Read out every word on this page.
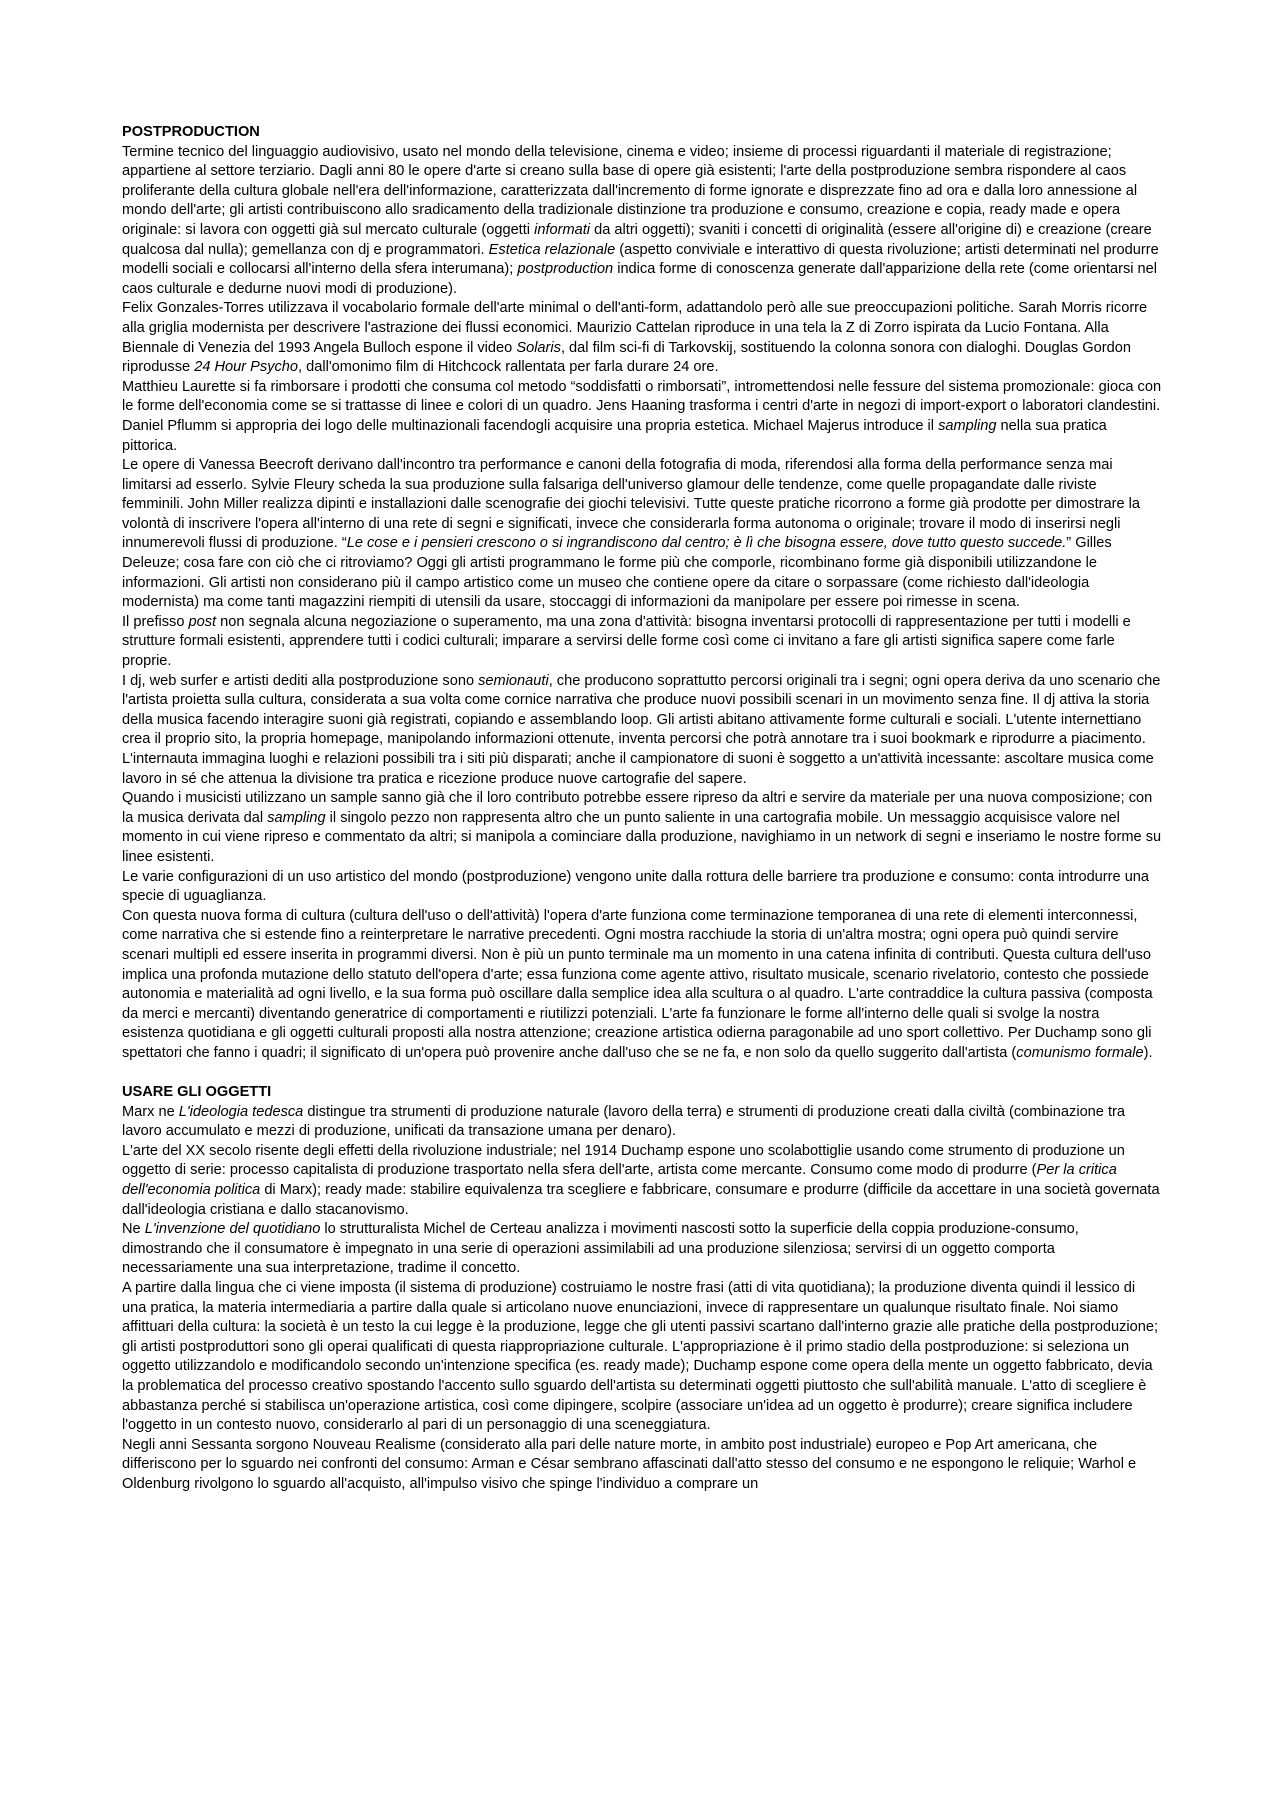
POSTPRODUCTION

Termine tecnico del linguaggio audiovisivo, usato nel mondo della televisione, cinema e video; insieme di processi riguardanti il materiale di registrazione; appartiene al settore terziario. Dagli anni 80 le opere d'arte si creano sulla base di opere già esistenti; l'arte della postproduzione sembra rispondere al caos proliferante della cultura globale nell'era dell'informazione, caratterizzata dall'incremento di forme ignorate e disprezzate fino ad ora e dalla loro annessione al mondo dell'arte; gli artisti contribuiscono allo sradicamento della tradizionale distinzione tra produzione e consumo, creazione e copia, ready made e opera originale: si lavora con oggetti già sul mercato culturale (oggetti informati da altri oggetti); svaniti i concetti di originalità (essere all'origine di) e creazione (creare qualcosa dal nulla); gemellanza con dj e programmatori. Estetica relazionale (aspetto conviviale e interattivo di questa rivoluzione; artisti determinati nel produrre modelli sociali e collocarsi all'interno della sfera interumana); postproduction indica forme di conoscenza generate dall'apparizione della rete (come orientarsi nel caos culturale e dedurne nuovi modi di produzione).

Felix Gonzales-Torres utilizzava il vocabolario formale dell'arte minimal o dell'anti-form, adattandolo però alle sue preoccupazioni politiche. Sarah Morris ricorre alla griglia modernista per descrivere l'astrazione dei flussi economici. Maurizio Cattelan riproduce in una tela la Z di Zorro ispirata da Lucio Fontana. Alla Biennale di Venezia del 1993 Angela Bulloch espone il video Solaris, dal film sci-fi di Tarkovskij, sostituendo la colonna sonora con dialoghi. Douglas Gordon riprodusse 24 Hour Psycho, dall'omonimo film di Hitchcock rallentata per farla durare 24 ore.

Matthieu Laurette si fa rimborsare i prodotti che consuma col metodo “soddisfatti o rimborsati”, intromettendosi nelle fessure del sistema promozionale: gioca con le forme dell'economia come se si trattasse di linee e colori di un quadro. Jens Haaning trasforma i centri d'arte in negozi di import-export o laboratori clandestini. Daniel Pflumm si appropria dei logo delle multinazionali facendogli acquisire una propria estetica. Michael Majerus introduce il sampling nella sua pratica pittorica.

Le opere di Vanessa Beecroft derivano dall'incontro tra performance e canoni della fotografia di moda, riferendosi alla forma della performance senza mai limitarsi ad esserlo. Sylvie Fleury scheda la sua produzione sulla falsariga dell'universo glamour delle tendenze, come quelle propagandate dalle riviste femminili. John Miller realizza dipinti e installazioni dalle scenografie dei giochi televisivi. Tutte queste pratiche ricorrono a forme già prodotte per dimostrare la volontà di inscrivere l'opera all'interno di una rete di segni e significati, invece che considerarla forma autonoma o originale; trovare il modo di inserirsi negli innumerevoli flussi di produzione. “Le cose e i pensieri crescono o si ingrandiscono dal centro; è lì che bisogna essere, dove tutto questo succede.” Gilles Deleuze; cosa fare con ciò che ci ritroviamo? Oggi gli artisti programmano le forme più che comporle, ricombinano forme già disponibili utilizzandone le informazioni. Gli artisti non considerano più il campo artistico come un museo che contiene opere da citare o sorpassare (come richiesto dall'ideologia modernista) ma come tanti magazzini riempiti di utensili da usare, stoccaggi di informazioni da manipolare per essere poi rimesse in scena.

Il prefisso post non segnala alcuna negoziazione o superamento, ma una zona d'attività: bisogna inventarsi protocolli di rappresentazione per tutti i modelli e strutture formali esistenti, apprendere tutti i codici culturali; imparare a servirsi delle forme così come ci invitano a fare gli artisti significa sapere come farle proprie.

I dj, web surfer e artisti dediti alla postproduzione sono semionauti, che producono soprattutto percorsi originali tra i segni; ogni opera deriva da uno scenario che l'artista proietta sulla cultura, considerata a sua volta come cornice narrativa che produce nuovi possibili scenari in un movimento senza fine. Il dj attiva la storia della musica facendo interagire suoni già registrati, copiando e assemblando loop. Gli artisti abitano attivamente forme culturali e sociali. L'utente internettiano crea il proprio sito, la propria homepage, manipolando informazioni ottenute, inventa percorsi che potrà annotare tra i suoi bookmark e riprodurre a piacimento. L'internauta immagina luoghi e relazioni possibili tra i siti più disparati; anche il campionatore di suoni è soggetto a un'attività incessante: ascoltare musica come lavoro in sé che attenua la divisione tra pratica e ricezione produce nuove cartografie del sapere.

Quando i musicisti utilizzano un sample sanno già che il loro contributo potrebbe essere ripreso da altri e servire da materiale per una nuova composizione; con la musica derivata dal sampling il singolo pezzo non rappresenta altro che un punto saliente in una cartografia mobile. Un messaggio acquisisce valore nel momento in cui viene ripreso e commentato da altri; si manipola a cominciare dalla produzione, navighiamo in un network di segni e inseriamo le nostre forme su linee esistenti.

Le varie configurazioni di un uso artistico del mondo (postproduzione) vengono unite dalla rottura delle barriere tra produzione e consumo: conta introdurre una specie di uguaglianza.

Con questa nuova forma di cultura (cultura dell'uso o dell'attività) l'opera d'arte funziona come terminazione temporanea di una rete di elementi interconnessi, come narrativa che si estende fino a reinterpretare le narrative precedenti. Ogni mostra racchiude la storia di un'altra mostra; ogni opera può quindi servire scenari multipli ed essere inserita in programmi diversi. Non è più un punto terminale ma un momento in una catena infinita di contributi. Questa cultura dell'uso implica una profonda mutazione dello statuto dell'opera d'arte; essa funziona come agente attivo, risultato musicale, scenario rivelatorio, contesto che possiede autonomia e materialità ad ogni livello, e la sua forma può oscillare dalla semplice idea alla scultura o al quadro. L'arte contraddice la cultura passiva (composta da merci e mercanti) diventando generatrice di comportamenti e riutilizzi potenziali. L'arte fa funzionare le forme all'interno delle quali si svolge la nostra esistenza quotidiana e gli oggetti culturali proposti alla nostra attenzione; creazione artistica odierna paragonabile ad uno sport collettivo. Per Duchamp sono gli spettatori che fanno i quadri; il significato di un'opera può provenire anche dall'uso che se ne fa, e non solo da quello suggerito dall'artista (comunismo formale).

USARE GLI OGGETTI

Marx ne L'ideologia tedesca distingue tra strumenti di produzione naturale (lavoro della terra) e strumenti di produzione creati dalla civiltà (combinazione tra lavoro accumulato e mezzi di produzione, unificati da transazione umana per denaro).

L'arte del XX secolo risente degli effetti della rivoluzione industriale; nel 1914 Duchamp espone uno scolabottiglie usando come strumento di produzione un oggetto di serie: processo capitalista di produzione trasportato nella sfera dell'arte, artista come mercante. Consumo come modo di produrre (Per la critica dell'economia politica di Marx); ready made: stabilire equivalenza tra scegliere e fabbricare, consumare e produrre (difficile da accettare in una società governata dall'ideologia cristiana e dallo stacanovismo.

Ne L'invenzione del quotidiano lo strutturalista Michel de Certeau analizza i movimenti nascosti sotto la superficie della coppia produzione-consumo, dimostrando che il consumatore è impegnato in una serie di operazioni assimilabili ad una produzione silenziosa; servirsi di un oggetto comporta necessariamente una sua interpretazione, tradime il concetto.

A partire dalla lingua che ci viene imposta (il sistema di produzione) costruiamo le nostre frasi (atti di vita quotidiana); la produzione diventa quindi il lessico di una pratica, la materia intermediaria a partire dalla quale si articolano nuove enunciazioni, invece di rappresentare un qualunque risultato finale. Noi siamo affittuari della cultura: la società è un testo la cui legge è la produzione, legge che gli utenti passivi scartano dall'interno grazie alle pratiche della postproduzione; gli artisti postproduttori sono gli operai qualificati di questa riappropriazione culturale. L'appropriazione è il primo stadio della postproduzione: si seleziona un oggetto utilizzandolo e modificandolo secondo un'intenzione specifica (es. ready made); Duchamp espone come opera della mente un oggetto fabbricato, devia la problematica del processo creativo spostando l'accento sullo sguardo dell'artista su determinati oggetti piuttosto che sull'abilità manuale. L'atto di scegliere è abbastanza perché si stabilisca un'operazione artistica, così come dipingere, scolpire (associare un'idea ad un oggetto è produrre); creare significa includere l'oggetto in un contesto nuovo, considerarlo al pari di un personaggio di una sceneggiatura.

Negli anni Sessanta sorgono Nouveau Realisme (considerato alla pari delle nature morte, in ambito post industriale) europeo e Pop Art americana, che differiscono per lo sguardo nei confronti del consumo: Arman e César sembrano affascinati dall'atto stesso del consumo e ne espongono le reliquie; Warhol e Oldenburg rivolgono lo sguardo all'acquisto, all'impulso visivo che spinge l'individuo a comprare un
